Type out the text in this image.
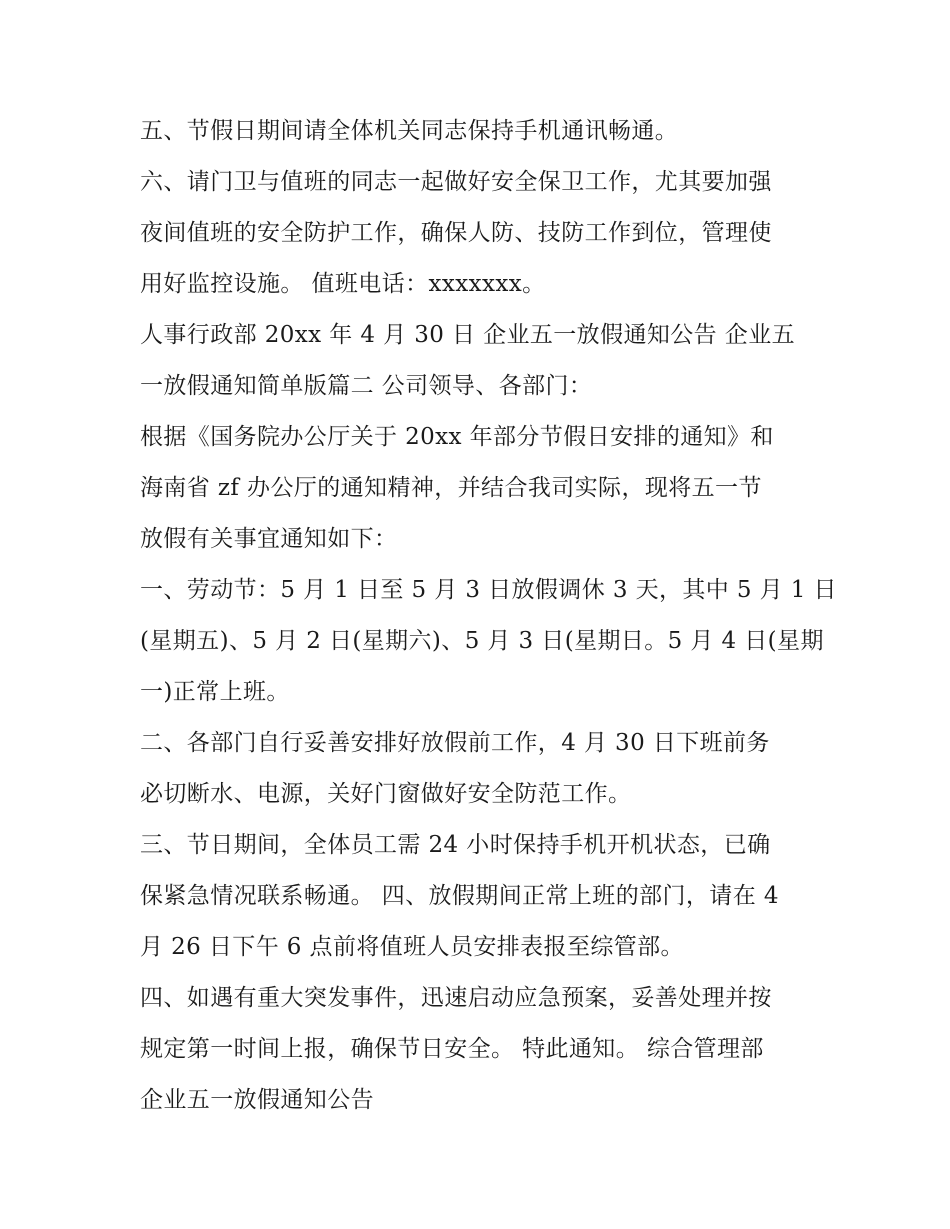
五、节假日期间请全体机关同志保持手机通讯畅通。
六、请门卫与值班的同志一起做好安全保卫工作，尤其要加强
夜间值班的安全防护工作，确保人防、技防工作到位，管理使
用好监控设施。 值班电话：xxxxxxx。
人事行政部 20xx 年 4 月 30 日 企业五一放假通知公告 企业五
一放假通知简单版篇二 公司领导、各部门：
根据《国务院办公厅关于 20xx 年部分节假日安排的通知》和
海南省 zf 办公厅的通知精神，并结合我司实际，现将五一节
放假有关事宜通知如下：
一、劳动节：5 月 1 日至 5 月 3 日放假调休 3 天，其中 5 月 1 日
(星期五)、5 月 2 日(星期六)、5 月 3 日(星期日。5 月 4 日(星期
一)正常上班。
二、各部门自行妥善安排好放假前工作，4 月 30 日下班前务
必切断水、电源，关好门窗做好安全防范工作。
三、节日期间，全体员工需 24 小时保持手机开机状态，已确
保紧急情况联系畅通。 四、放假期间正常上班的部门，请在 4
月 26 日下午 6 点前将值班人员安排表报至综管部。
四、如遇有重大突发事件，迅速启动应急预案，妥善处理并按
规定第一时间上报，确保节日安全。 特此通知。 综合管理部
企业五一放假通知公告
